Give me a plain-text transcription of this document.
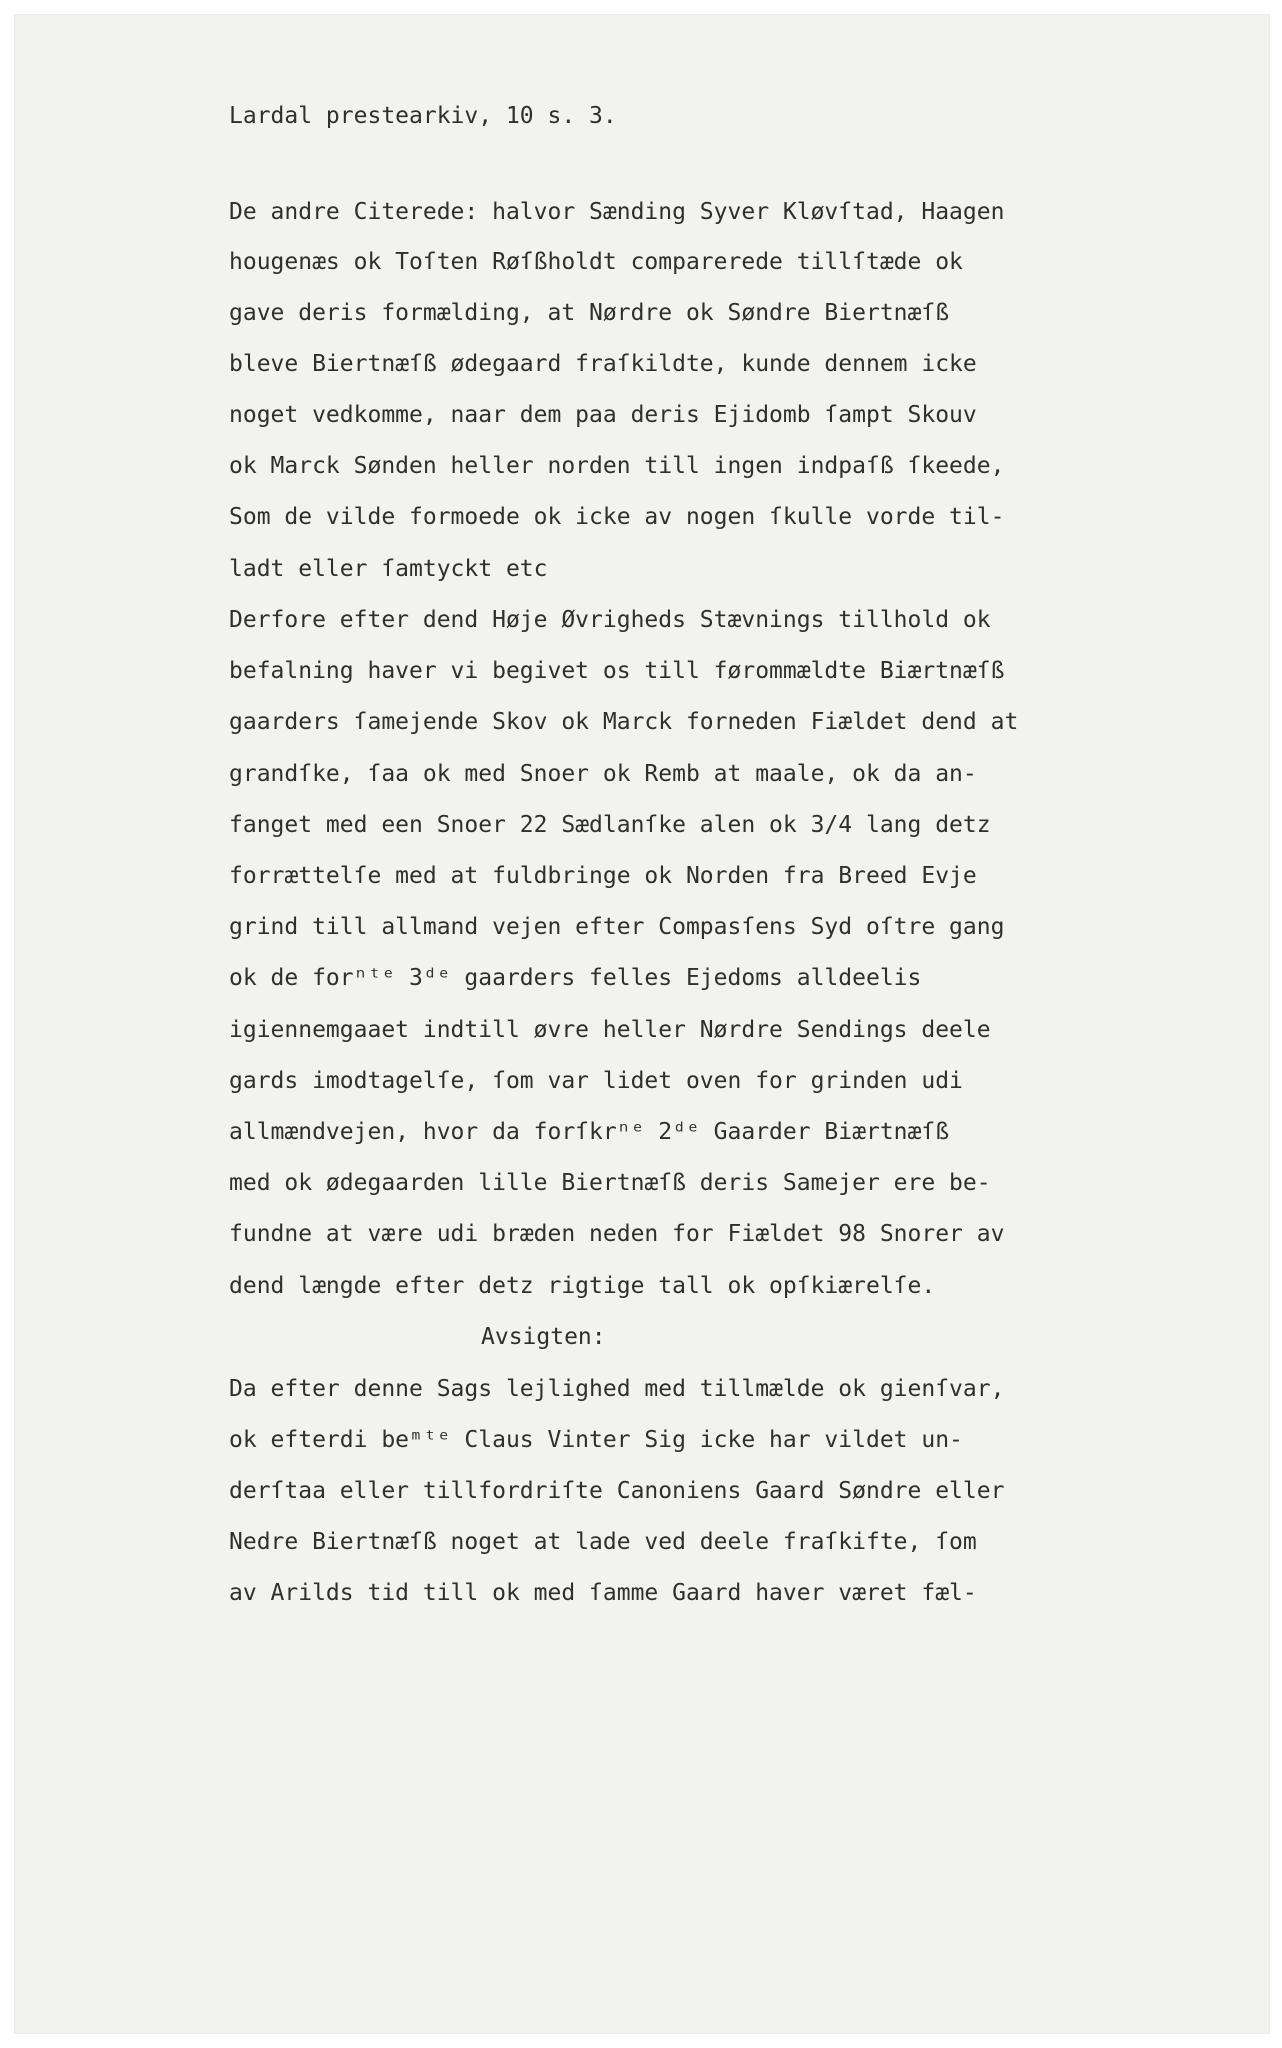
Lardal prestearkiv, 10 s. 3.
De andre Citerede: halvor Sænding Syver Kløvſtad, Haagen
hougenæs ok Toſten Røſßholdt comparerede tillſtæde ok
gave deris formælding, at Nørdre ok Søndre Biertnæſß
bleve Biertnæſß ødegaard fraſkildte, kunde dennem icke
noget vedkomme, naar dem paa deris Ejidomb ſampt Skouv
ok Marck Sønden heller norden till ingen indpaſß ſkeede,
Som de vilde formoede ok icke av nogen ſkulle vorde til-
ladt eller ſamtyckt etc
Derfore efter dend Høje Øvrigheds Stævnings tillhold ok
befalning haver vi begivet os till førommældte Biærtnæſß
gaarders ſamejende Skov ok Marck forneden Fiældet dend at
grandſke, ſaa ok med Snoer ok Remb at maale, ok da an-
fanget med een Snoer 22 Sædlanſke alen ok 3/4 lang detz
forrættelſe med at fuldbringe ok Norden fra Breed Evje
grind till allmand vejen efter Compasſens Syd oſtre gang
ok de forⁿᵗᵉ 3ᵈᵉ gaarders felles Ejedoms alldeelis
igiennemgaaet indtill øvre heller Nørdre Sendings deele
gards imodtagelſe, ſom var lidet oven for grinden udi
allmændvejen, hvor da forſkrⁿᵉ 2ᵈᵉ Gaarder Biærtnæſß
med ok ødegaarden lille Biertnæſß deris Samejer ere be-
fundne at være udi bræden neden for Fiældet 98 Snorer av
dend længde efter detz rigtige tall ok opſkiærelſe.
Avsigten:
Da efter denne Sags lejlighed med tillmælde ok gienſvar,
ok efterdi beᵐᵗᵉ Claus Vinter Sig icke har vildet un-
derſtaa eller tillfordriſte Canoniens Gaard Søndre eller
Nedre Biertnæſß noget at lade ved deele fraſkifte, ſom
av Arilds tid till ok med ſamme Gaard haver været fæl-
